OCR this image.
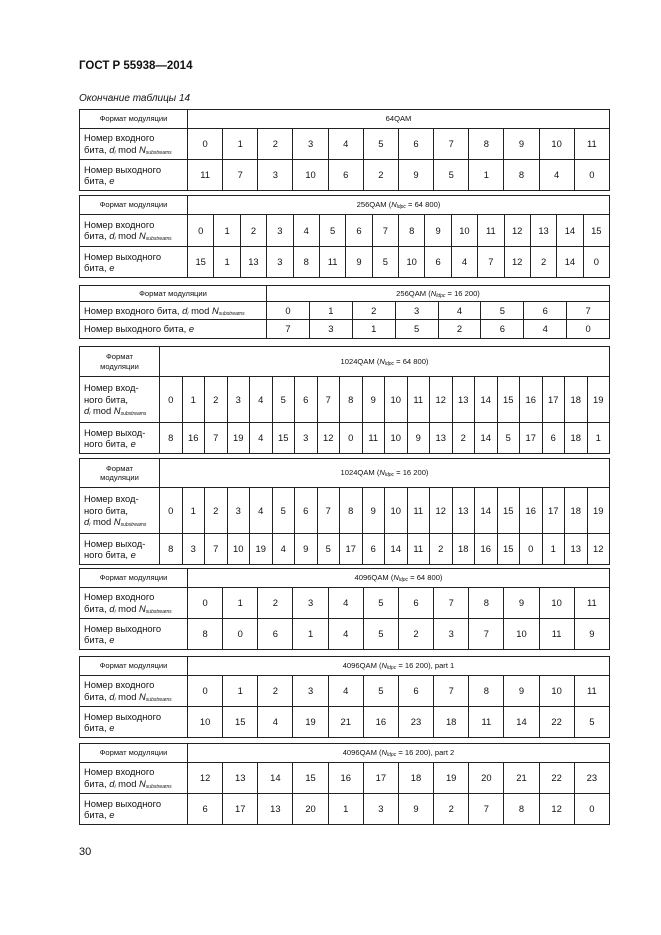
ГОСТ Р 55938—2014
Окончание таблицы 14
Формат модуляции	64QAM											
Номер входного
бита, $d_i$ mod $N_{substreams}$	0	1	2	3	4	5	6	7	8	9	10	11
Номер выходного
бита, e	11	7	3	10	6	2	9	5	1	8	4	0
Формат модуляции	256QAM ($N_{ldpc} = 64$ 800)															
Номер входного
бита, $d_i$ mod $N_{substreams}$	0	1	2	3	4	5	6	7	8	9	10	11	12	13	14	15
Номер выходного
бита, e	15	1	13	3	8	11	9	5	10	6	4	7	12	2	14	0
Формат модуляции	256QAM ($N_{ldpc} = 16$ 200)							
Номер входного бита, $d_i$ mod $N_{substreams}$	0	1	2	3	4	5	6	7
Номер выходного бита, e	7	3	1	5	2	6	4	0
Формат
модуляции	1024QAM ($N_{ldpc} = 64$ 800)																			
Номер вход-
ного бита,
$d_i$ mod $N_{substreams}$	0	1	2	3	4	5	6	7	8	9	10	11	12	13	14	15	16	17	18	19
Номер выход-
ного бита, e	8	16	7	19	4	15	3	12	0	11	10	9	13	2	14	5	17	6	18	1
Формат
модуляции	1024QAM ($N_{ldpc} = 16$ 200)																			
Номер вход-
ного бита,
$d_i$ mod $N_{substreams}$	0	1	2	3	4	5	6	7	8	9	10	11	12	13	14	15	16	17	18	19
Номер выход-
ного бита, e	8	3	7	10	19	4	9	5	17	6	14	11	2	18	16	15	0	1	13	12
Формат модуляции	4096QAM ($N_{ldpc} = 64$ 800)											
Номер входного
бита, $d_i$ mod $N_{substreams}$	0	1	2	3	4	5	6	7	8	9	10	11
Номер выходного
бита, e	8	0	6	1	4	5	2	3	7	10	11	9
Формат модуляции	4096QAM ($N_{ldpc} = 16$ 200), part 1											
Номер входного
бита, $d_i$ mod $N_{substreams}$	0	1	2	3	4	5	6	7	8	9	10	11
Номер выходного
бита, e	10	15	4	19	21	16	23	18	11	14	22	5
Формат модуляции	4096QAM ($N_{ldpc} = 16$ 200), part 2											
Номер входного
бита, $d_i$ mod $N_{substreams}$	12	13	14	15	16	17	18	19	20	21	22	23
Номер выходного
бита, e	6	17	13	20	1	3	9	2	7	8	12	0
30
